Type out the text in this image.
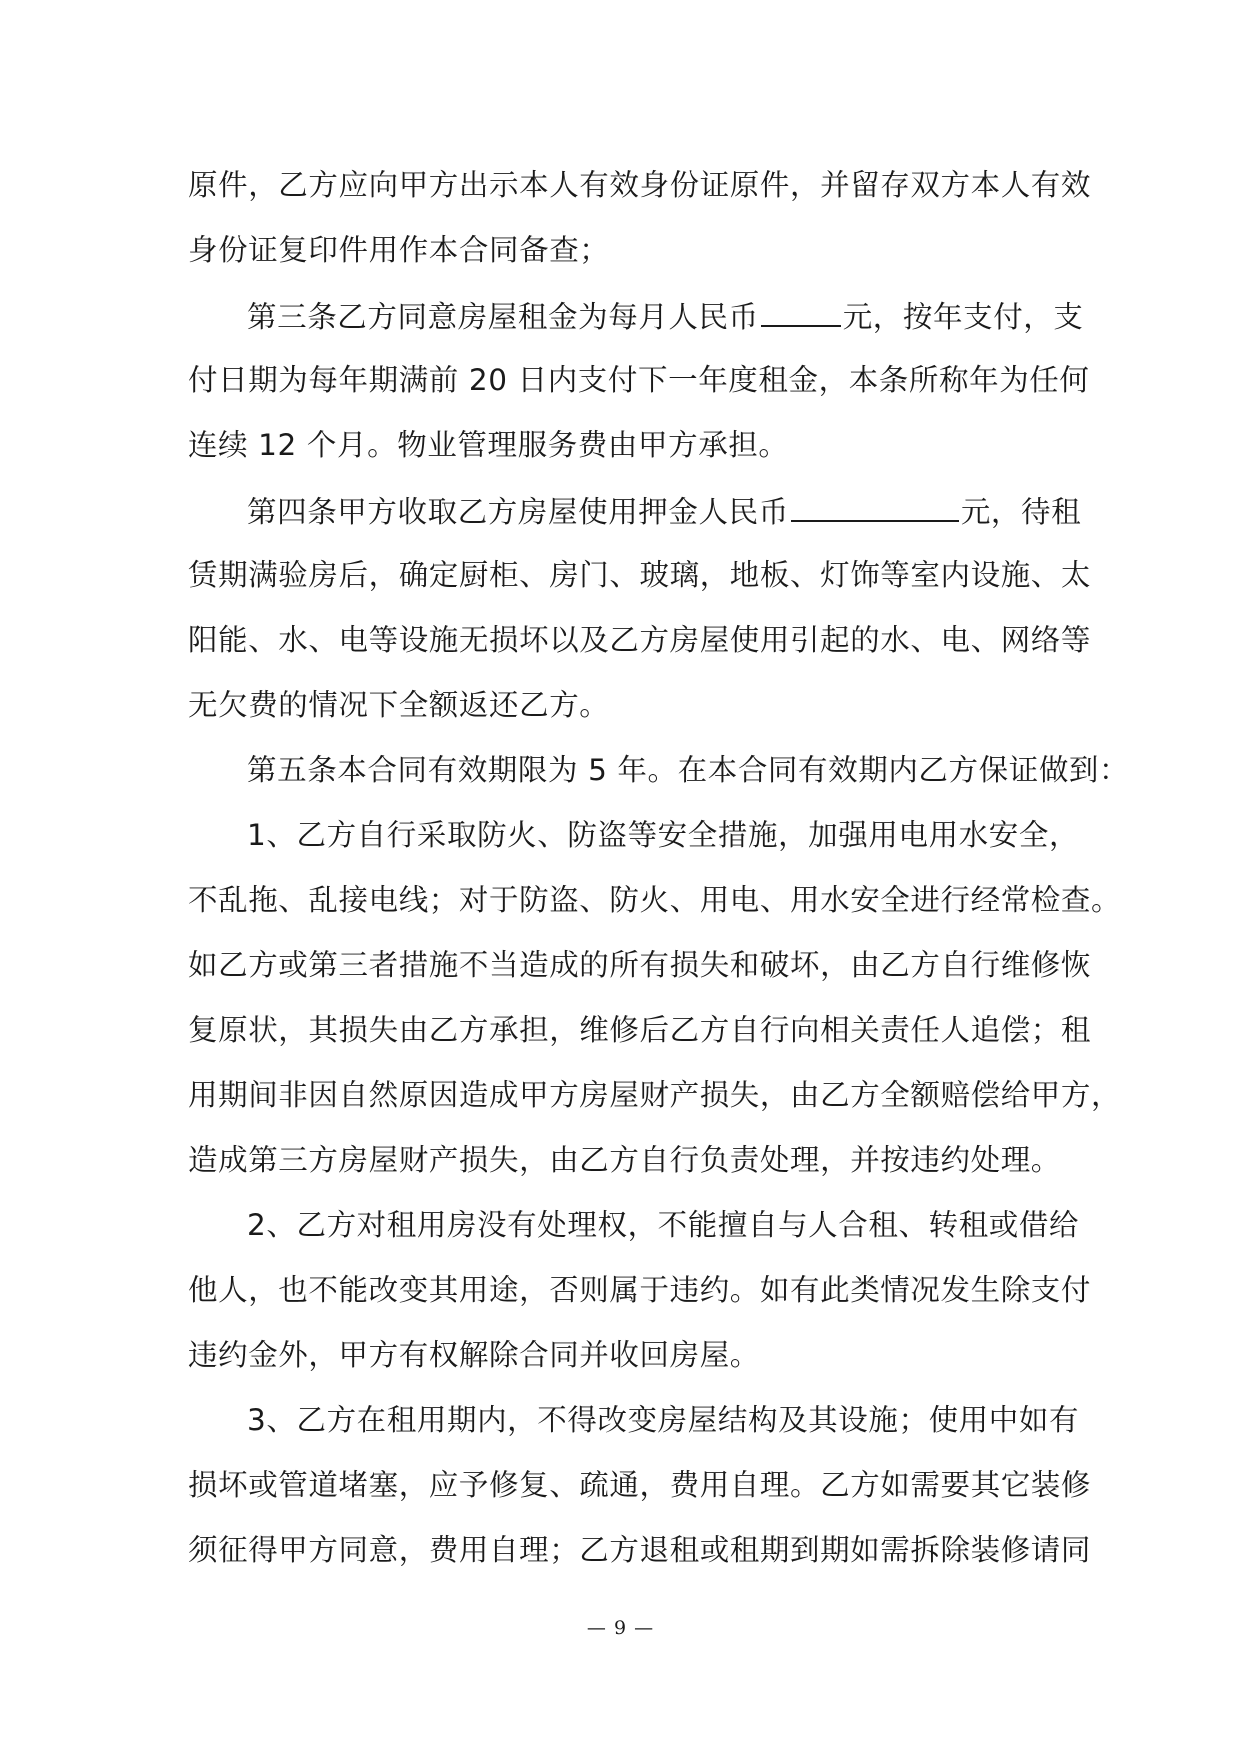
原件，乙方应向甲方出示本人有效身份证原件，并留存双方本人有效
身份证复印件用作本合同备查；
第三条乙方同意房屋租金为每月人民币	元，按年支付，支
付日期为每年期满前 20 日内支付下一年度租金，本条所称年为任何
连续 12 个月。物业管理服务费由甲方承担。
第四条甲方收取乙方房屋使用押金人民币	元，待租
赁期满验房后，确定厨柜、房门、玻璃，地板、灯饰等室内设施、太
阳能、水、电等设施无损坏以及乙方房屋使用引起的水、电、网络等
无欠费的情况下全额返还乙方。
第五条本合同有效期限为 5 年。在本合同有效期内乙方保证做到：
1、乙方自行采取防火、防盗等安全措施，加强用电用水安全，
不乱拖、乱接电线；对于防盗、防火、用电、用水安全进行经常检查。
如乙方或第三者措施不当造成的所有损失和破坏，由乙方自行维修恢
复原状，其损失由乙方承担，维修后乙方自行向相关责任人追偿；租
用期间非因自然原因造成甲方房屋财产损失，由乙方全额赔偿给甲方，
造成第三方房屋财产损失，由乙方自行负责处理，并按违约处理。
2、乙方对租用房没有处理权，不能擅自与人合租、转租或借给
他人，也不能改变其用途，否则属于违约。如有此类情况发生除支付
违约金外，甲方有权解除合同并收回房屋。
3、乙方在租用期内，不得改变房屋结构及其设施；使用中如有
损坏或管道堵塞，应予修复、疏通，费用自理。乙方如需要其它装修
须征得甲方同意，费用自理；乙方退租或租期到期如需拆除装修请同
— 9 —
